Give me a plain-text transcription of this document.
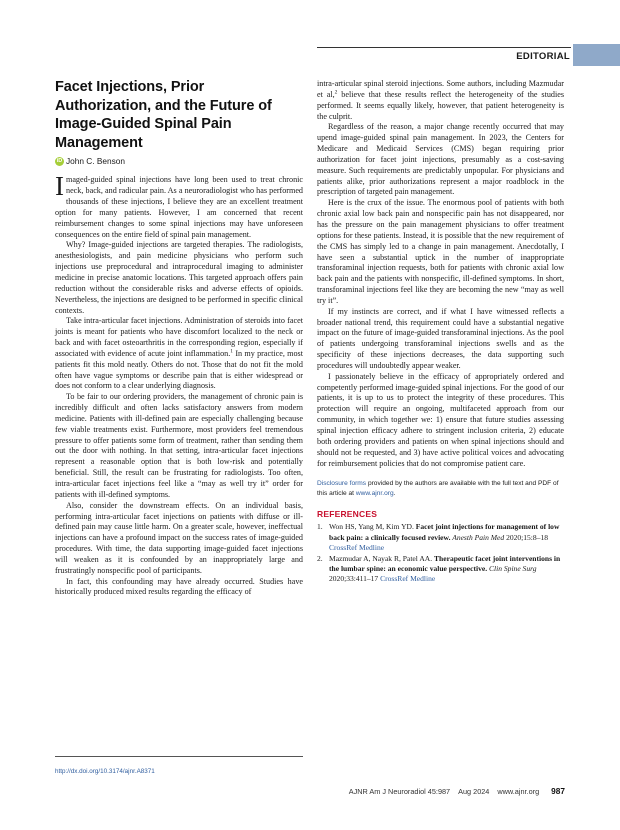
EDITORIAL
Facet Injections, Prior Authorization, and the Future of Image-Guided Spinal Pain Management
iD John C. Benson

Imaged-guided spinal injections have long been used to treat chronic neck, back, and radicular pain. As a neuroradiologist who has performed thousands of these injections, I believe they are an excellent treatment option for many patients. However, I am concerned that recent reimbursement changes to some spinal injections may have unforeseen consequences on the entire field of spinal pain management.

Why? Image-guided injections are targeted therapies. The radiologists, anesthesiologists, and pain medicine physicians who perform such injections use preprocedural and intraprocedural imaging to administer medicine in precise anatomic locations. This targeted approach offers pain reduction without the considerable risks and adverse effects of opioids. Nevertheless, the injections are designed to be performed in specific clinical contexts.

Take intra-articular facet injections. Administration of steroids into facet joints is meant for patients who have discomfort localized to the neck or back and with facet osteoarthritis in the corresponding region, especially if associated with evidence of acute joint inflammation.$^1$ In my practice, most patients fit this mold neatly. Others do not. Those that do not fit the mold often have vague symptoms or describe pain that is either widespread or does not conform to a clear underlying diagnosis.

To be fair to our ordering providers, the management of chronic pain is incredibly difficult and often lacks satisfactory answers from modern medicine. Patients with ill-defined pain are especially challenging because few viable treatments exist. Furthermore, most providers feel tremendous pressure to offer patients some form of treatment, rather than sending them out the door with nothing. In that setting, intra-articular facet injections represent a reasonable option that is both low-risk and potentially beneficial. Still, the result can be frustrating for radiologists. Too often, intra-articular facet injections feel like a “may as well try it” order for patients with ill-defined symptoms.

Also, consider the downstream effects. On an individual basis, performing intra-articular facet injections on patients with diffuse or ill-defined pain may cause little harm. On a greater scale, however, ineffectual injections can have a profound impact on the success rates of image-guided procedures. With time, the data supporting image-guided facet injections will weaken as it is confounded by an inappropriately large and frustratingly nonspecific pool of participants.

In fact, this confounding may have already occurred. Studies have historically produced mixed results regarding the efficacy of

intra-articular spinal steroid injections. Some authors, including Mazmudar et al,$^2$ believe that these results reflect the heterogeneity of the studies performed. It seems equally likely, however, that patient heterogeneity is the culprit.

Regardless of the reason, a major change recently occurred that may upend image-guided spinal pain management. In 2023, the Centers for Medicare and Medicaid Services (CMS) began requiring prior authorization for facet joint injections, presumably as a cost-saving measure. Such requirements are predictably unpopular. For physicians and patients alike, prior authorizations represent a major roadblock in the prescription of targeted pain management.

Here is the crux of the issue. The enormous pool of patients with both chronic axial low back pain and nonspecific pain has not disappeared, nor has the pressure on the pain management physicians to offer treatment options for these patients. Instead, it is possible that the new requirement of the CMS has simply led to a change in pain management. Anecdotally, I have seen a substantial uptick in the number of inappropriate transforaminal injection requests, both for patients with chronic axial low back pain and the patients with nonspecific, ill-defined symptoms. In short, transforaminal injections feel like they are becoming the new “may as well try it”.

If my instincts are correct, and if what I have witnessed reflects a broader national trend, this requirement could have a substantial negative impact on the future of image-guided transforaminal injections. As the pool of patients undergoing transforaminal injections swells and as the specificity of these injections decreases, the data supporting such procedures will undoubtedly appear weaker.

I passionately believe in the efficacy of appropriately ordered and competently performed image-guided spinal injections. For the good of our patients, it is up to us to protect the integrity of these procedures. This protection will require an ongoing, multifaceted approach from our community, in which together we: 1) ensure that future studies assessing spinal injection efficacy adhere to stringent inclusion criteria, 2) educate both ordering providers and patients on when spinal injections should and should not be requested, and 3) have active political voices and advocating for reimbursement policies that do not compromise patient care.

Disclosure forms provided by the authors are available with the full text and PDF of this article at www.ajnr.org.
REFERENCES
1. Won HS, Yang M, Kim YD. Facet joint injections for management of low back pain: a clinically focused review. Anesth Pain Med 2020;15:8–18 CrossRef Medline
2. Mazmudar A, Nayak R, Patel AA. Therapeutic facet joint interventions in the lumbar spine: an economic value perspective. Clin Spine Surg 2020;33:411–17 CrossRef Medline
http://dx.doi.org/10.3174/ajnr.A8371
AJNR Am J Neuroradiol 45:987 Aug 2024 www.ajnr.org 987
